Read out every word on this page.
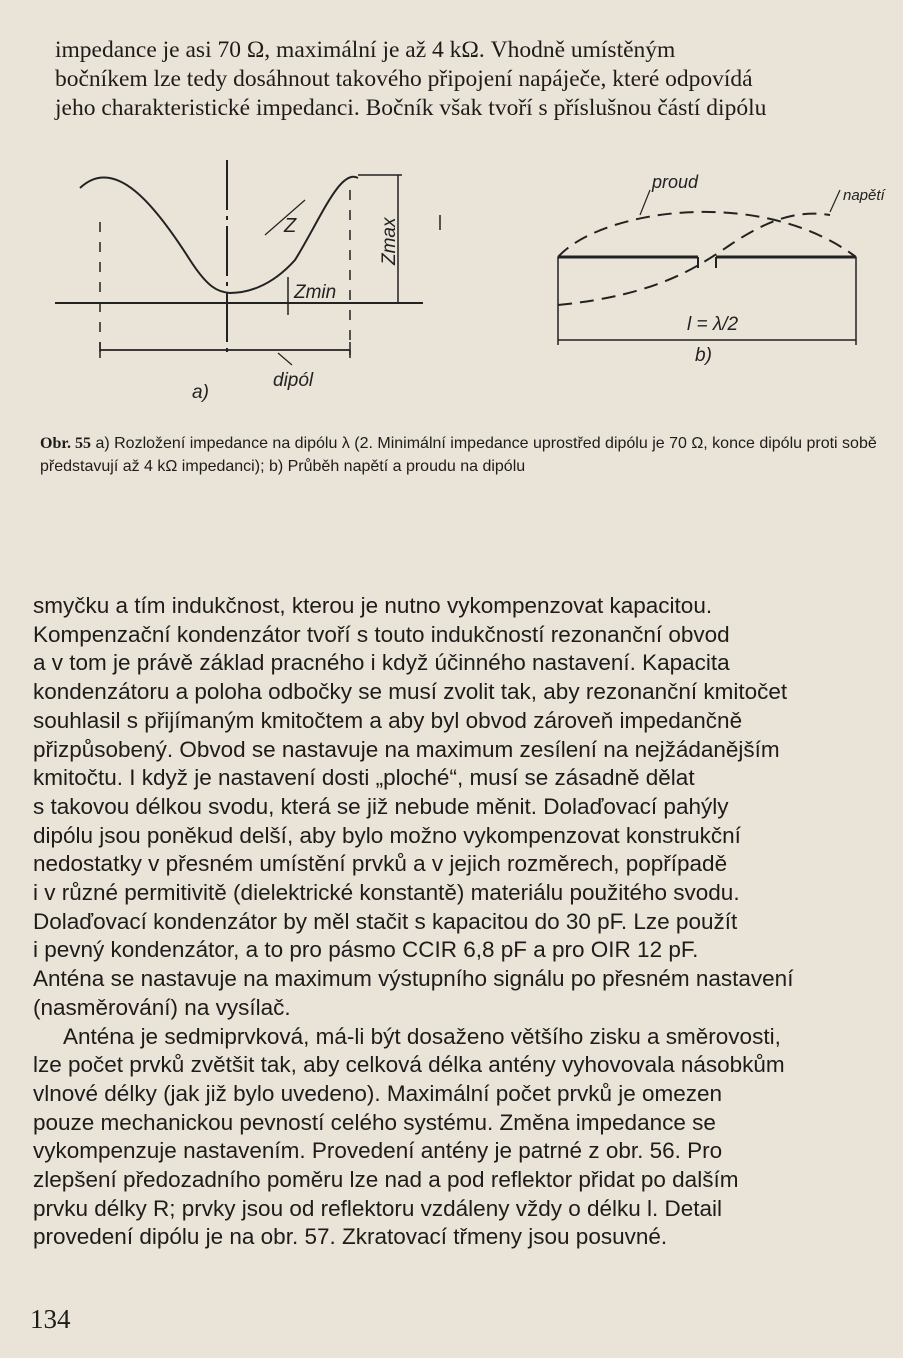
impedance je asi 70 Ω, maximální je až 4 kΩ. Vhodně umístěným
bočníkem lze tedy dosáhnout takového připojení napáječe, které odpovídá
jeho charakteristické impedanci. Bočník však tvoří s příslušnou částí dipólu
Z	Zmax
Zmin
dipól
a)
proud
napětí
l = λ/2
b)
Obr. 55 a) Rozložení impedance na dipólu λ (2. Minimální impedance uprostřed dipólu je 70 Ω, konce dipólu proti sobě představují až 4 kΩ impedanci); b) Průběh napětí a proudu na dipólu

smyčku a tím indukčnost, kterou je nutno vykompenzovat kapacitou.
Kompenzační kondenzátor tvoří s touto indukčností rezonanční obvod
a v tom je právě základ pracného i když účinného nastavení. Kapacita
kondenzátoru a poloha odbočky se musí zvolit tak, aby rezonanční kmitočet
souhlasil s přijímaným kmitočtem a aby byl obvod zároveň impedančně
přizpůsobený. Obvod se nastavuje na maximum zesílení na nejžádanějším
kmitočtu. I když je nastavení dosti „ploché“, musí se zásadně dělat
s takovou délkou svodu, která se již nebude měnit. Dolaďovací pahýly
dipólu jsou poněkud delší, aby bylo možno vykompenzovat konstrukční
nedostatky v přesném umístění prvků a v jejich rozměrech, popřípadě
i v různé permitivitě (dielektrické konstantě) materiálu použitého svodu.
Dolaďovací kondenzátor by měl stačit s kapacitou do 30 pF. Lze použít
i pevný kondenzátor, a to pro pásmo CCIR 6,8 pF a pro OIR 12 pF.
Anténa se nastavuje na maximum výstupního signálu po přesném nastavení
(nasměrování) na vysílač.

Anténa je sedmiprvková, má-li být dosaženo většího zisku a směrovosti,
lze počet prvků zvětšit tak, aby celková délka antény vyhovovala násobkům
vlnové délky (jak již bylo uvedeno). Maximální počet prvků je omezen
pouze mechanickou pevností celého systému. Změna impedance se
vykompenzuje nastavením. Provedení antény je patrné z obr. 56. Pro
zlepšení předozadního poměru lze nad a pod reflektor přidat po dalším
prvku délky R; prvky jsou od reflektoru vzdáleny vždy o délku l. Detail
provedení dipólu je na obr. 57. Zkratovací třmeny jsou posuvné.

134
